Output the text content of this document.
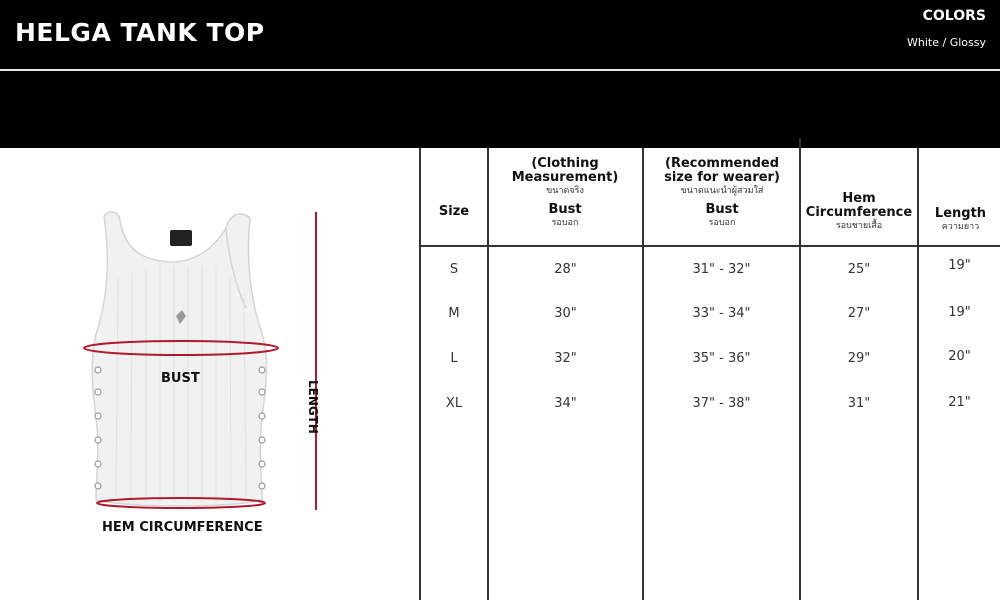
HELGA TANK TOP
COLORS
White / Glossy
BUST
HEM CIRCUMFERENCE
LENGTH
Size
(Clothing Measurement)
ขนาดจริง
Bust
รอบอก
(Recommended size for wearer)
ขนาดแนะนำผู้สวมใส่
Bust
รอบอก
Hem Circumference
รอบชายเสื้อ
Length
ความยาว
S	28"	31" - 32"	25"	19"
M	30"	33" - 34"	27"	19"
L	32"	35" - 36"	29"	20"
XL	34"	37" - 38"	31"	21"
